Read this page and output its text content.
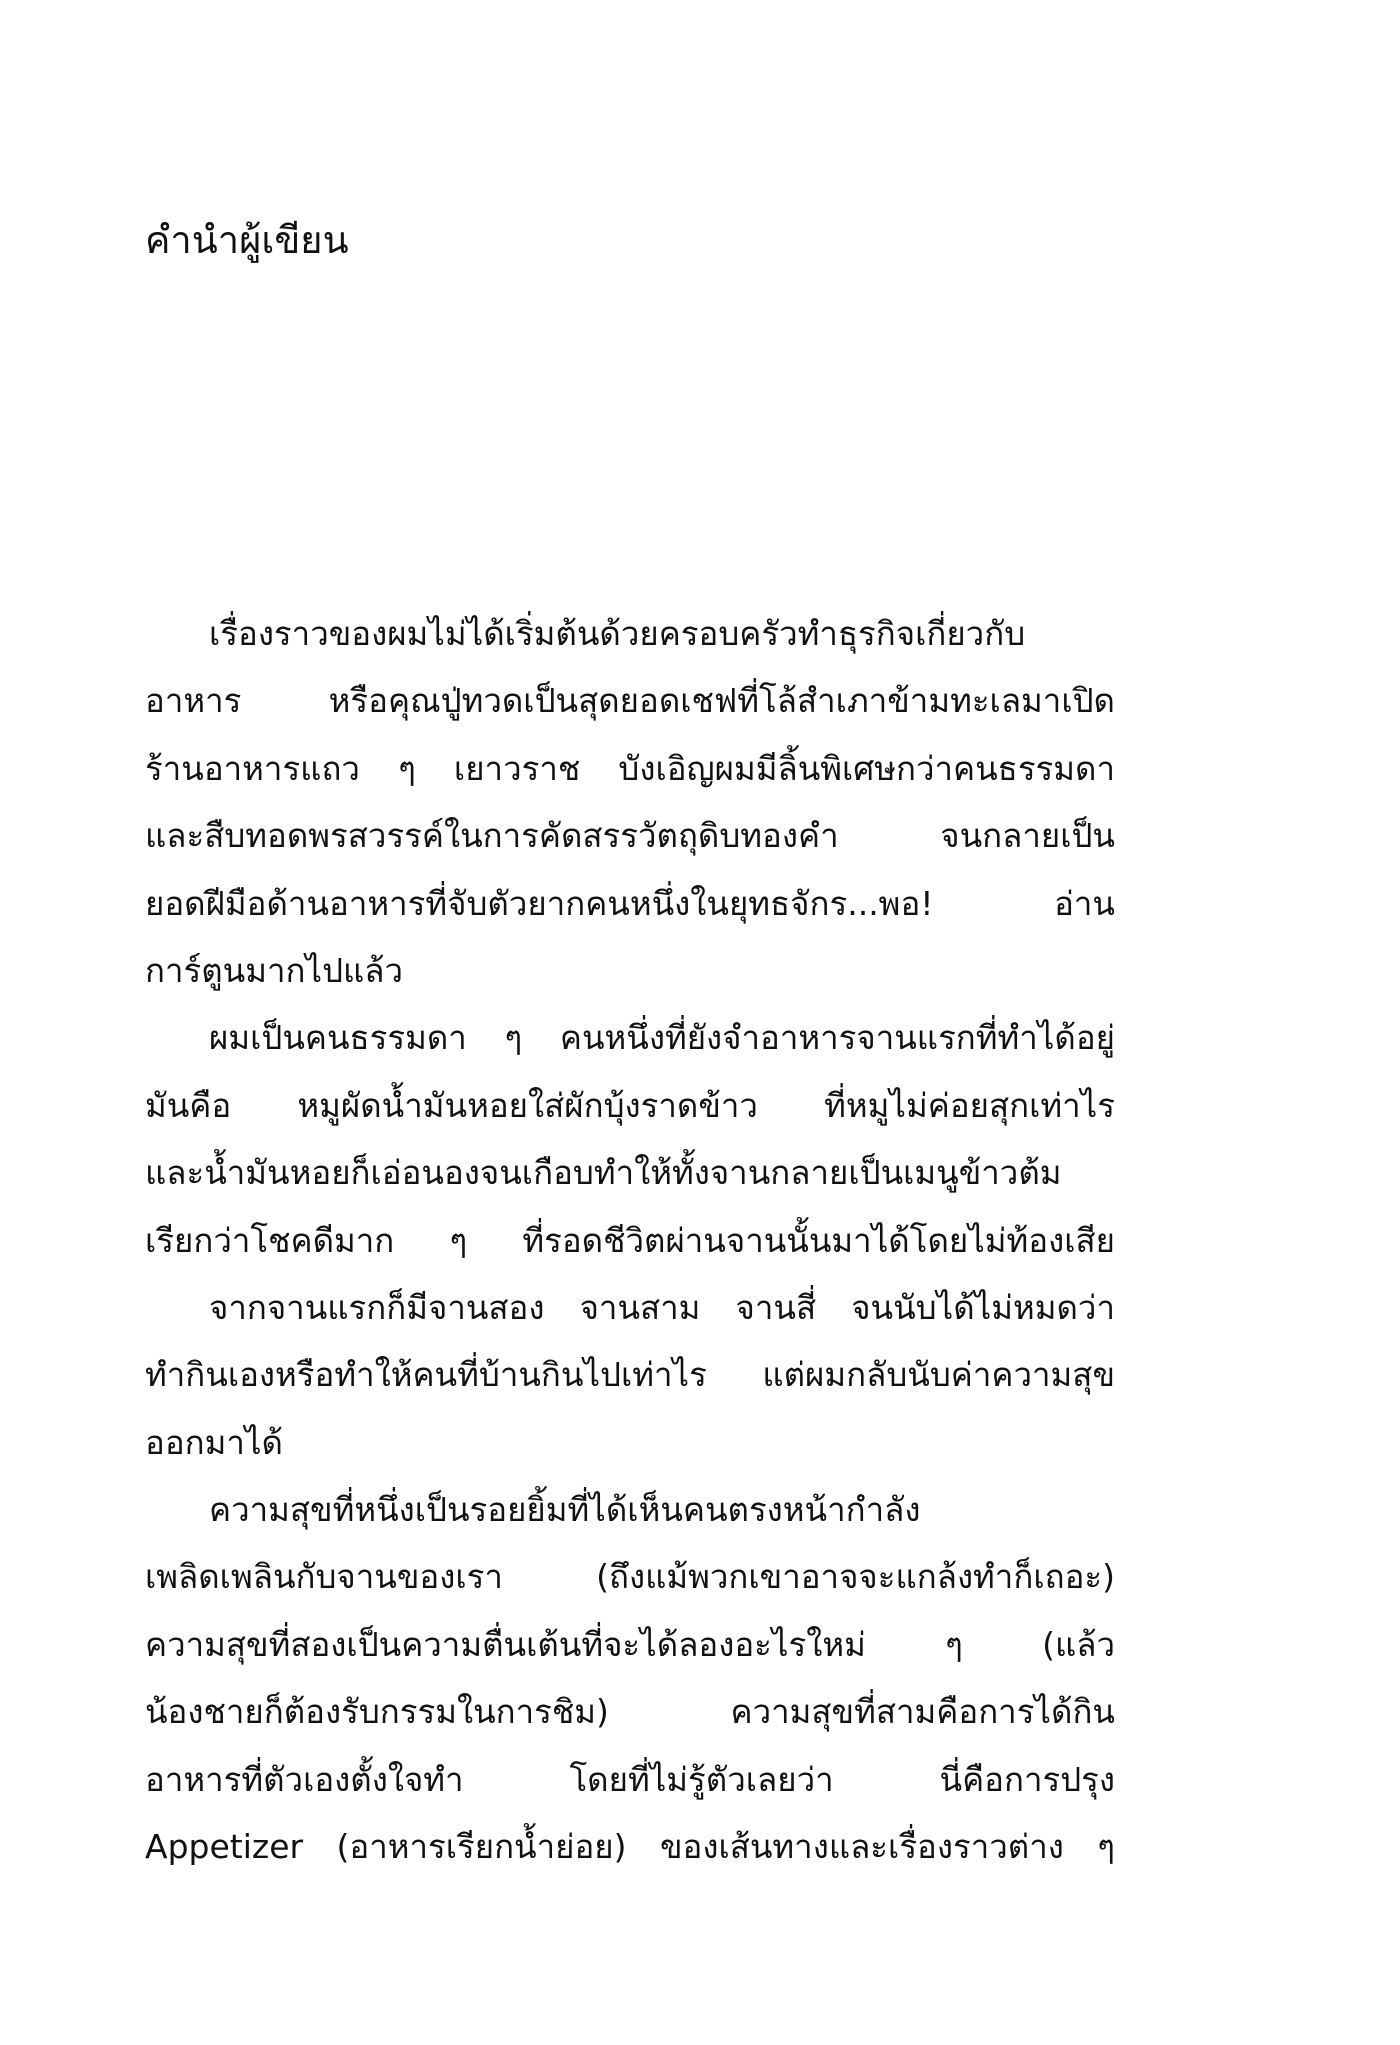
คำนำผู้เขียน
เรื่องราวของผมไม่ได้เริ่มต้นด้วยครอบครัวทำธุรกิจเกี่ยวกับ
อาหาร หรือคุณปู่ทวดเป็นสุดยอดเชฟที่โล้สำเภาข้ามทะเลมาเปิด
ร้านอาหารแถว ๆ เยาวราช บังเอิญผมมีลิ้นพิเศษกว่าคนธรรมดา
และสืบทอดพรสวรรค์ในการคัดสรรวัตถุดิบทองคำ จนกลายเป็น
ยอดฝีมือด้านอาหารที่จับตัวยากคนหนึ่งในยุทธจักร...พอ! อ่าน
การ์ตูนมากไปแล้ว
ผมเป็นคนธรรมดา ๆ คนหนึ่งที่ยังจำอาหารจานแรกที่ทำได้อยู่
มันคือ หมูผัดน้ำมันหอยใส่ผักบุ้งราดข้าว ที่หมูไม่ค่อยสุกเท่าไร
และน้ำมันหอยก็เอ่อนองจนเกือบทำให้ทั้งจานกลายเป็นเมนูข้าวต้ม
เรียกว่าโชคดีมาก ๆ ที่รอดชีวิตผ่านจานนั้นมาได้โดยไม่ท้องเสีย
จากจานแรกก็มีจานสอง จานสาม จานสี่ จนนับได้ไม่หมดว่า
ทำกินเองหรือทำให้คนที่บ้านกินไปเท่าไร แต่ผมกลับนับค่าความสุข
ออกมาได้
ความสุขที่หนึ่งเป็นรอยยิ้มที่ได้เห็นคนตรงหน้ากำลัง
เพลิดเพลินกับจานของเรา (ถึงแม้พวกเขาอาจจะแกล้งทำก็เถอะ)
ความสุขที่สองเป็นความตื่นเต้นที่จะได้ลองอะไรใหม่ ๆ (แล้ว
น้องชายก็ต้องรับกรรมในการชิม) ความสุขที่สามคือการได้กิน
อาหารที่ตัวเองตั้งใจทำ โดยที่ไม่รู้ตัวเลยว่า นี่คือการปรุง
Appetizer (อาหารเรียกน้ำย่อย) ของเส้นทางและเรื่องราวต่าง ๆ
